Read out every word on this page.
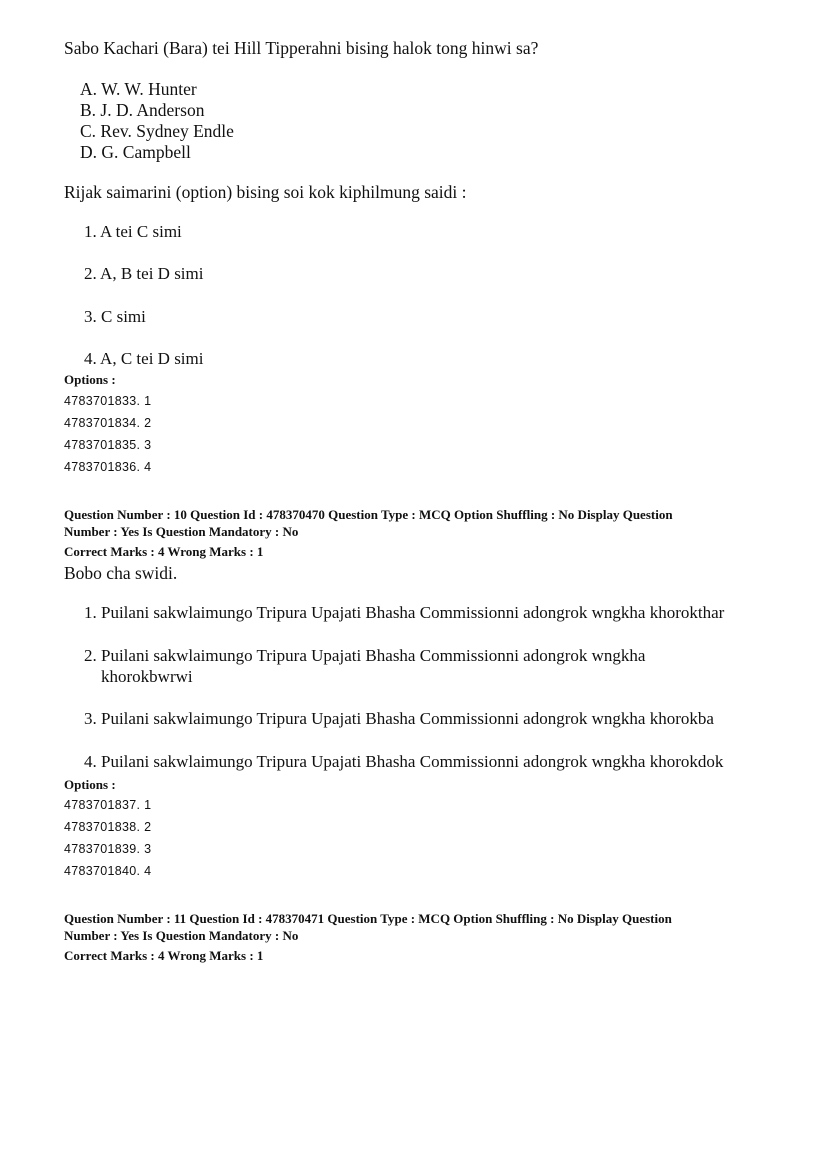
Sabo Kachari (Bara) tei Hill Tipperahni bising halok tong hinwi sa?
A. W. W. Hunter
B. J. D. Anderson
C. Rev. Sydney Endle
D. G. Campbell
Rijak saimarini (option) bising soi kok kiphilmung saidi :
1. A tei C simi
2. A, B tei D simi
3. C simi
4. A, C tei D simi
Options :
4783701833. 1
4783701834. 2
4783701835. 3
4783701836. 4
Question Number : 10 Question Id : 478370470 Question Type : MCQ Option Shuffling : No Display Question
Number : Yes Is Question Mandatory : No
Correct Marks : 4 Wrong Marks : 1
Bobo cha swidi.
1. Puilani sakwlaimungo Tripura Upajati Bhasha Commissionni adongrok wngkha khorokthar
2. Puilani sakwlaimungo Tripura Upajati Bhasha Commissionni adongrok wngkha
khorokbwrwi
3. Puilani sakwlaimungo Tripura Upajati Bhasha Commissionni adongrok wngkha khorokba
4. Puilani sakwlaimungo Tripura Upajati Bhasha Commissionni adongrok wngkha khorokdok
Options :
4783701837. 1
4783701838. 2
4783701839. 3
4783701840. 4
Question Number : 11 Question Id : 478370471 Question Type : MCQ Option Shuffling : No Display Question
Number : Yes Is Question Mandatory : No
Correct Marks : 4 Wrong Marks : 1
